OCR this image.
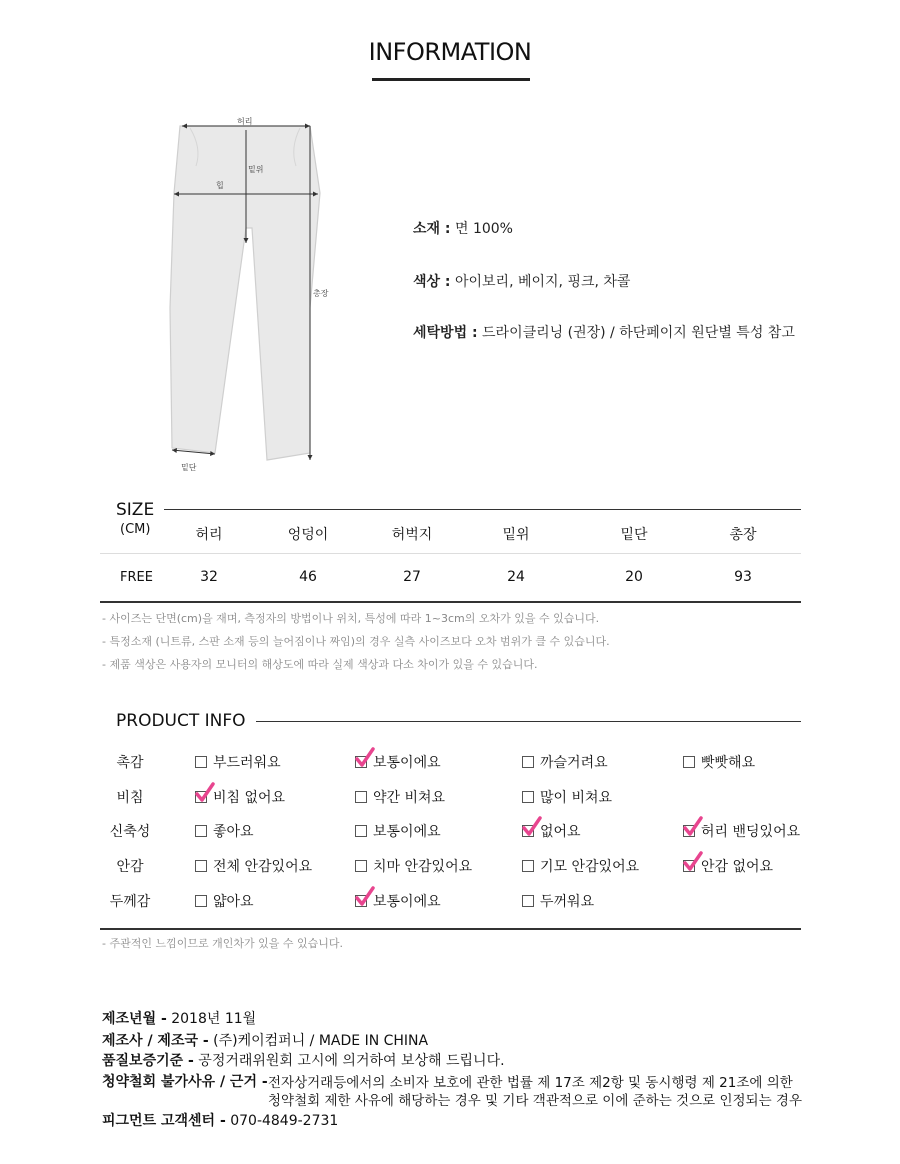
INFORMATION
허리
밑위
힙
총장
밑단
소재 : 면 100%
색상 : 아이보리, 베이지, 핑크, 차콜
세탁방법 : 드라이클리닝 (권장) / 하단페이지 원단별 특성 참고
SIZE
(CM)	허리	엉덩이	허벅지	밑위	밑단	총장
FREE	32	46	27	24	20	93
- 사이즈는 단면(cm)을 재며, 측정자의 방법이나 위치, 특성에 따라 1~3cm의 오차가 있을 수 있습니다.
- 특정소재 (니트류, 스판 소재 등의 늘어짐이나 짜임)의 경우 실측 사이즈보다 오차 범위가 클 수 있습니다.
- 제품 색상은 사용자의 모니터의 해상도에 따라 실제 색상과 다소 차이가 있을 수 있습니다.
PRODUCT INFO
촉감	부드러워요	보통이에요	까슬거려요	빳빳해요
비침	비침 없어요	약간 비쳐요	많이 비쳐요
신축성	좋아요	보통이에요	없어요	허리 밴딩있어요
안감	전체 안감있어요	치마 안감있어요	기모 안감있어요	안감 없어요
두께감	얇아요	보통이에요	두꺼워요
- 주관적인 느낌이므로 개인차가 있을 수 있습니다.
제조년월 - 2018년 11월
제조사 / 제조국 - (주)케이컴퍼니 / MADE IN CHINA
품질보증기준 - 공정거래위원회 고시에 의거하여 보상해 드립니다.
청약철회 불가사유 / 근거 - 전자상거래등에서의 소비자 보호에 관한 법률 제 17조 제2항 및 동시행령 제 21조에 의한
청약철회 제한 사유에 해당하는 경우 및 기타 객관적으로 이에 준하는 것으로 인정되는 경우
피그먼트 고객센터 - 070-4849-2731
